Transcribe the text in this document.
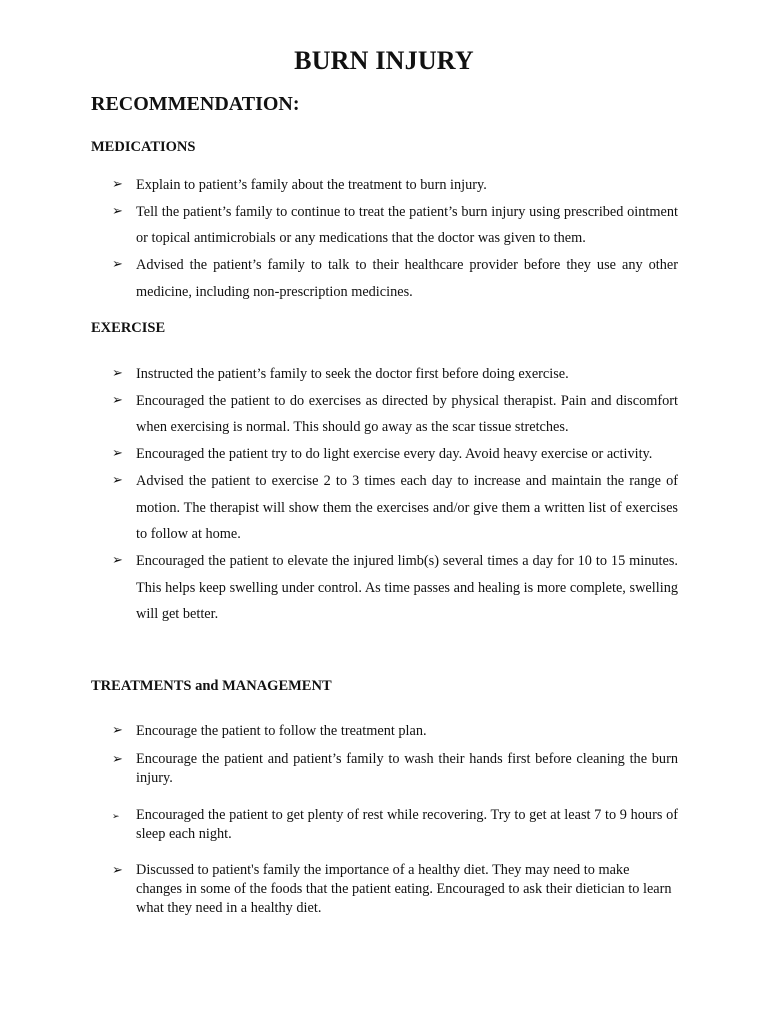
BURN INJURY
RECOMMENDATION:
MEDICATIONS
➢ Explain to patient’s family about the treatment to burn injury.
➢ Tell the patient’s family to continue to treat the patient’s burn injury using prescribed ointment or topical antimicrobials or any medications that the doctor was given to them.
➢ Advised the patient’s family to talk to their healthcare provider before they use any other medicine, including non-prescription medicines.
EXERCISE
➢ Instructed the patient’s family to seek the doctor first before doing exercise.
➢ Encouraged the patient to do exercises as directed by physical therapist. Pain and discomfort when exercising is normal. This should go away as the scar tissue stretches.
➢ Encouraged the patient try to do light exercise every day. Avoid heavy exercise or activity.
➢ Advised the patient to exercise 2 to 3 times each day to increase and maintain the range of motion. The therapist will show them the exercises and/or give them a written list of exercises to follow at home.
➢ Encouraged the patient to elevate the injured limb(s) several times a day for 10 to 15 minutes. This helps keep swelling under control. As time passes and healing is more complete, swelling will get better.
TREATMENTS and MANAGEMENT
➢ Encourage the patient to follow the treatment plan.
➢ Encourage the patient and patient’s family to wash their hands first before cleaning the burn injury.
➢ Encouraged the patient to get plenty of rest while recovering. Try to get at least 7 to 9 hours of sleep each night.
➢ Discussed to patient's family the importance of a healthy diet. They may need to make changes in some of the foods that the patient eating. Encouraged to ask their dietician to learn what they need in a healthy diet.
